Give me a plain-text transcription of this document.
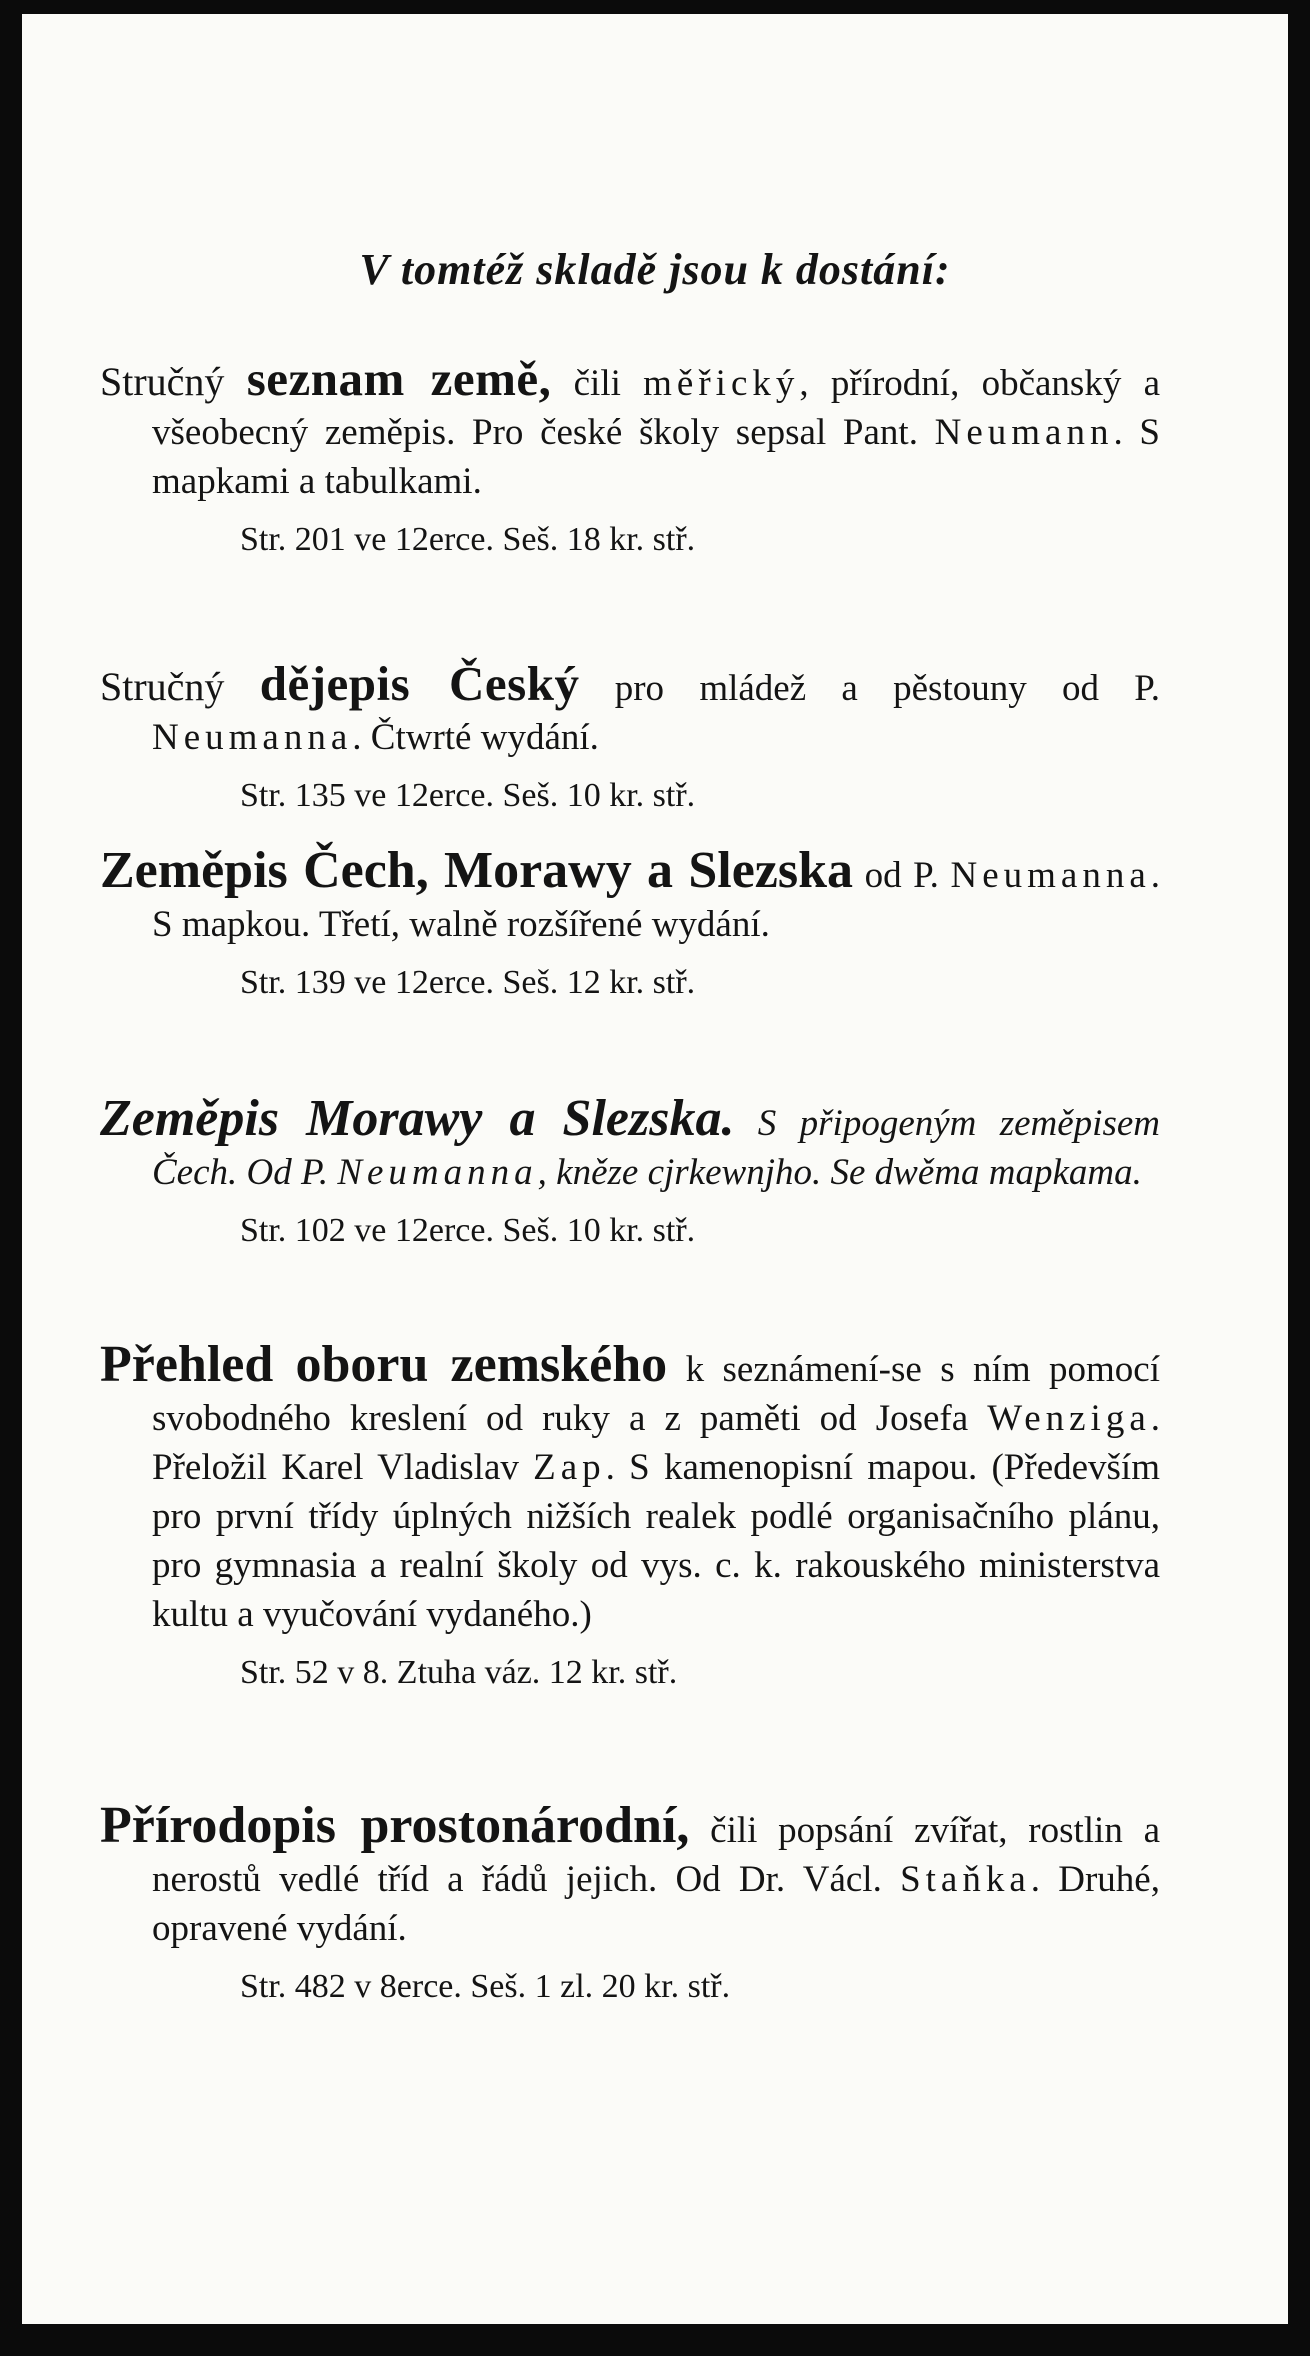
V tomtéž skladě jsou k dostání:

Stručný seznam země, čili měřický, přírodní, občanský a všeobecný zeměpis. Pro české školy sepsal Pant. Neumann. S mapkami a tabulkami.

Str. 201 ve 12erce. Seš. 18 kr. stř.

Stručný dějepis Český pro mládež a pěstouny od P. Neumanna. Čtwrté wydání.

Str. 135 ve 12erce. Seš. 10 kr. stř.

Zeměpis Čech, Morawy a Slezska od P. Neumanna. S mapkou. Třetí, walně rozšířené wydání.

Str. 139 ve 12erce. Seš. 12 kr. stř.

Zeměpis Morawy a Slezska. S připogeným zeměpisem Čech. Od P. Neumanna, kněze cjrkewnjho. Se dwěma mapkama.

Str. 102 ve 12erce. Seš. 10 kr. stř.

Přehled oboru zemského k seznámení-se s ním pomocí svobodného kreslení od ruky a z paměti od Josefa Wenziga. Přeložil Karel Vladislav Zap. S kamenopisní mapou. (Především pro první třídy úplných nižších realek podlé organisačního plánu, pro gymnasia a realní školy od vys. c. k. rakouského ministerstva kultu a vyučování vydaného.)

Str. 52 v 8. Ztuha váz. 12 kr. stř.

Přírodopis prostonárodní, čili popsání zvířat, rostlin a nerostů vedlé tříd a řádů jejich. Od Dr. Václ. Staňka. Druhé, opravené vydání.

Str. 482 v 8erce. Seš. 1 zl. 20 kr. stř.
